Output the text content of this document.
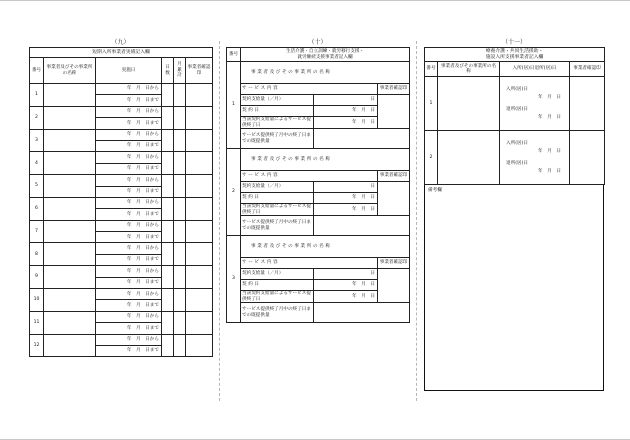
（九）
短期入所事業者実績記入欄					
番号	事業者及びその事業所の名称	実施日	日数	月累計	事業者確認印
1		年　月　日から			
		年　月　日まで			
2		年　月　日から			
		年　月　日まで			
3		年　月　日から			
		年　月　日まで			
4		年　月　日から			
		年　月　日まで			
5		年　月　日から			
		年　月　日まで			
6		年　月　日から			
		年　月　日まで			
7		年　月　日から			
		年　月　日まで			
8		年　月　日から			
		年　月　日まで			
9		年　月　日から			
		年　月　日まで			
10		年　月　日から			
		年　月　日まで			
11		年　月　日から			
		年　月　日まで			
12		年　月　日から			
		年　月　日まで			
（十）
番号	生活介護・自立訓練・就労移行支援・
就労継続支援事業者記入欄		

1	事業者及びその事業所の名称		
	サービス内容		事業者確認印
	契約支給量（／月）	日	
	契約日	年　月　日	
	当該契約支給量によるサービス提供終了日	年　月　日	
	サービス提供終了月中の終了日までの既提供量		
2	事業者及びその事業所の名称		
	サービス内容		事業者確認印
	契約支給量（／月）	日	
	契約日	年　月　日	
	当該契約支給量によるサービス提供終了日	年　月　日	
	サービス提供終了月中の終了日までの既提供量		
3	事業者及びその事業所の名称		
	サービス内容		事業者確認印
	契約支給量（／月）	日	
	契約日	年　月　日	
	当該契約支給量によるサービス提供終了日	年　月　日	
	サービス提供終了月中の終了日までの既提供量		
（十一）
療養介護・共同生活援助・
施設入所支援事業者記入欄			

番号	事業者及びその事業所の名称	入所(居)日退所(居)日	事業者確認印
1		入所(居)日
年　月　日
退所(居)日
年　月　日	

2		入所(居)日
年　月　日
退所(居)日
年　月　日	

備考欄
